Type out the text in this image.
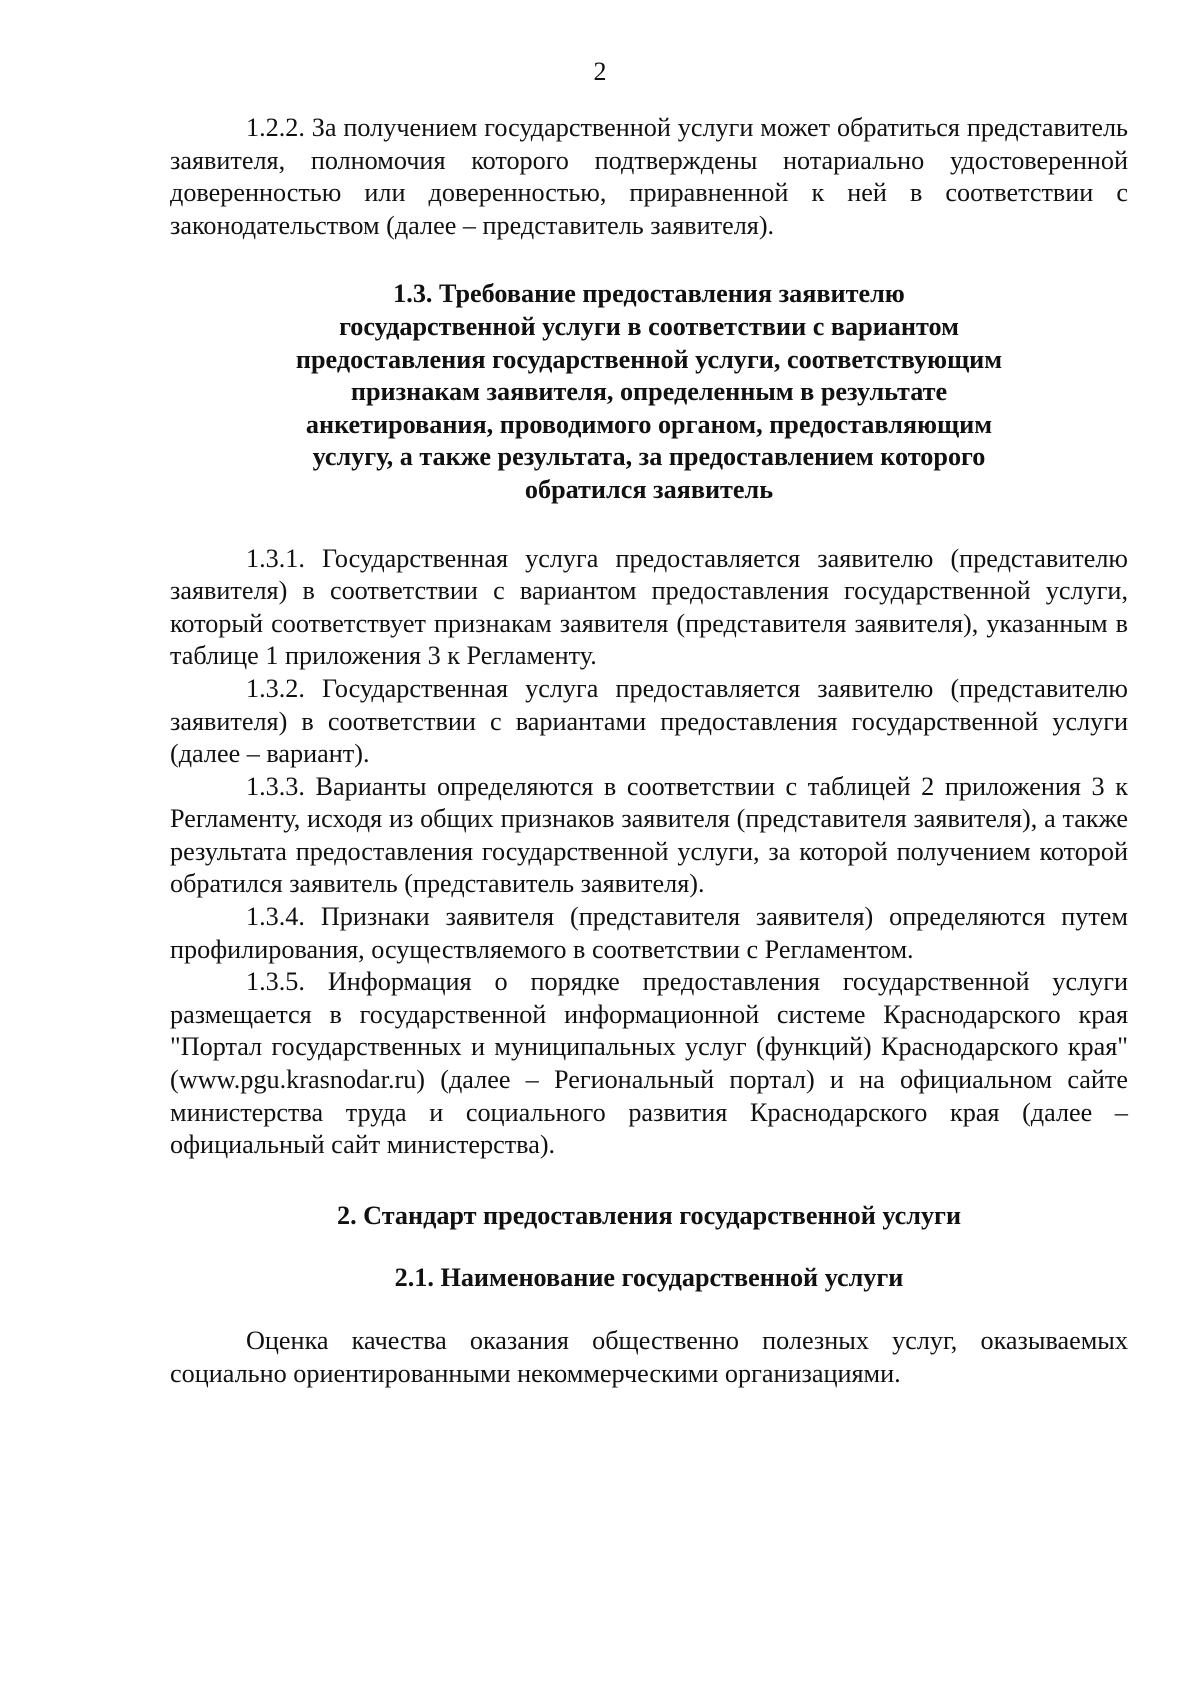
2

1.2.2. За получением государственной услуги может обратиться представитель заявителя, полномочия которого подтверждены нотариально удостоверенной доверенностью или доверенностью, приравненной к ней в соответствии с законодательством (далее – представитель заявителя).

1.3. Требование предоставления заявителю
государственной услуги в соответствии с вариантом
предоставления государственной услуги, соответствующим
признакам заявителя, определенным в результате
анкетирования, проводимого органом, предоставляющим
услугу, а также результата, за предоставлением которого
обратился заявитель

1.3.1. Государственная услуга предоставляется заявителю (представителю заявителя) в соответствии с вариантом предоставления государственной услуги, который соответствует признакам заявителя (представителя заявителя), указанным в таблице 1 приложения 3 к Регламенту.

1.3.2. Государственная услуга предоставляется заявителю (представителю заявителя) в соответствии с вариантами предоставления государственной услуги (далее – вариант).

1.3.3. Варианты определяются в соответствии с таблицей 2 приложения 3 к Регламенту, исходя из общих признаков заявителя (представителя заявителя), а также результата предоставления государственной услуги, за которой получением которой обратился заявитель (представитель заявителя).

1.3.4. Признаки заявителя (представителя заявителя) определяются путем профилирования, осуществляемого в соответствии с Регламентом.

1.3.5. Информация о порядке предоставления государственной услуги размещается в государственной информационной системе Краснодарского края "Портал государственных и муниципальных услуг (функций) Краснодарского края" (www.pgu.krasnodar.ru) (далее – Региональный портал) и на официальном сайте министерства труда и социального развития Краснодарского края (далее – официальный сайт министерства).

2. Стандарт предоставления государственной услуги
2.1. Наименование государственной услуги

Оценка качества оказания общественно полезных услуг, оказываемых социально ориентированными некоммерческими организациями.
